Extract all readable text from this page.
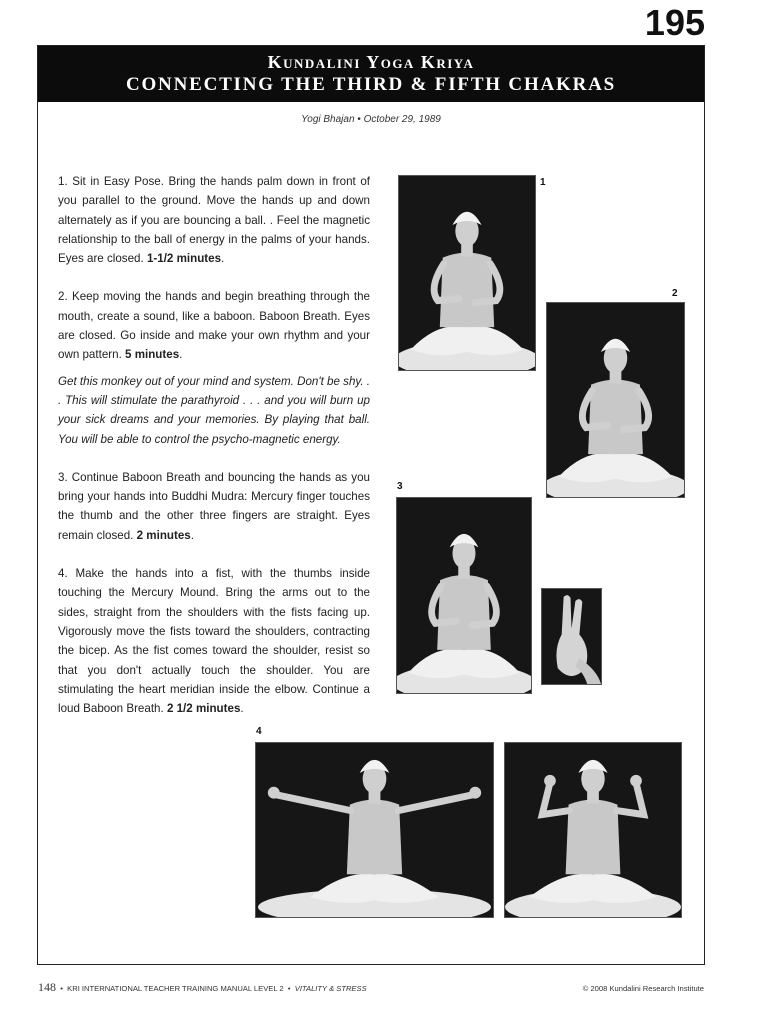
195
Kundalini Yoga Kriya
CONNECTING THE THIRD & FIFTH CHAKRAS
Yogi Bhajan • October 29, 1989

1. Sit in Easy Pose. Bring the hands palm down in front of you parallel to the ground. Move the hands up and down alternately as if you are bouncing a ball. . Feel the magnetic relationship to the ball of energy in the palms of your hands. Eyes are closed. 1-1/2 minutes.

2. Keep moving the hands and begin breathing through the mouth, create a sound, like a baboon. Baboon Breath. Eyes are closed. Go inside and make your own rhythm and your own pattern. 5 minutes.

Get this monkey out of your mind and system. Don't be shy. . . This will stimulate the parathyroid . . . and you will burn up your sick dreams and your memories. By playing that ball. You will be able to control the psycho-magnetic energy.

3. Continue Baboon Breath and bouncing the hands as you bring your hands into Buddhi Mudra: Mercury finger touches the thumb and the other three fingers are straight. Eyes remain closed. 2 minutes.

4. Make the hands into a fist, with the thumbs inside touching the Mercury Mound. Bring the arms out to the sides, straight from the shoulders with the fists facing up. Vigorously move the fists toward the shoulders, contracting the bicep. As the fist comes toward the shoulder, resist so that you don't actually touch the shoulder. You are stimulating the heart meridian inside the elbow. Continue a loud Baboon Breath. 2 1/2 minutes.

1
2
3
4
148 • KRI INTERNATIONAL TEACHER TRAINING MANUAL LEVEL 2 • VITALITY & STRESS	© 2008 Kundalini Research Institute
